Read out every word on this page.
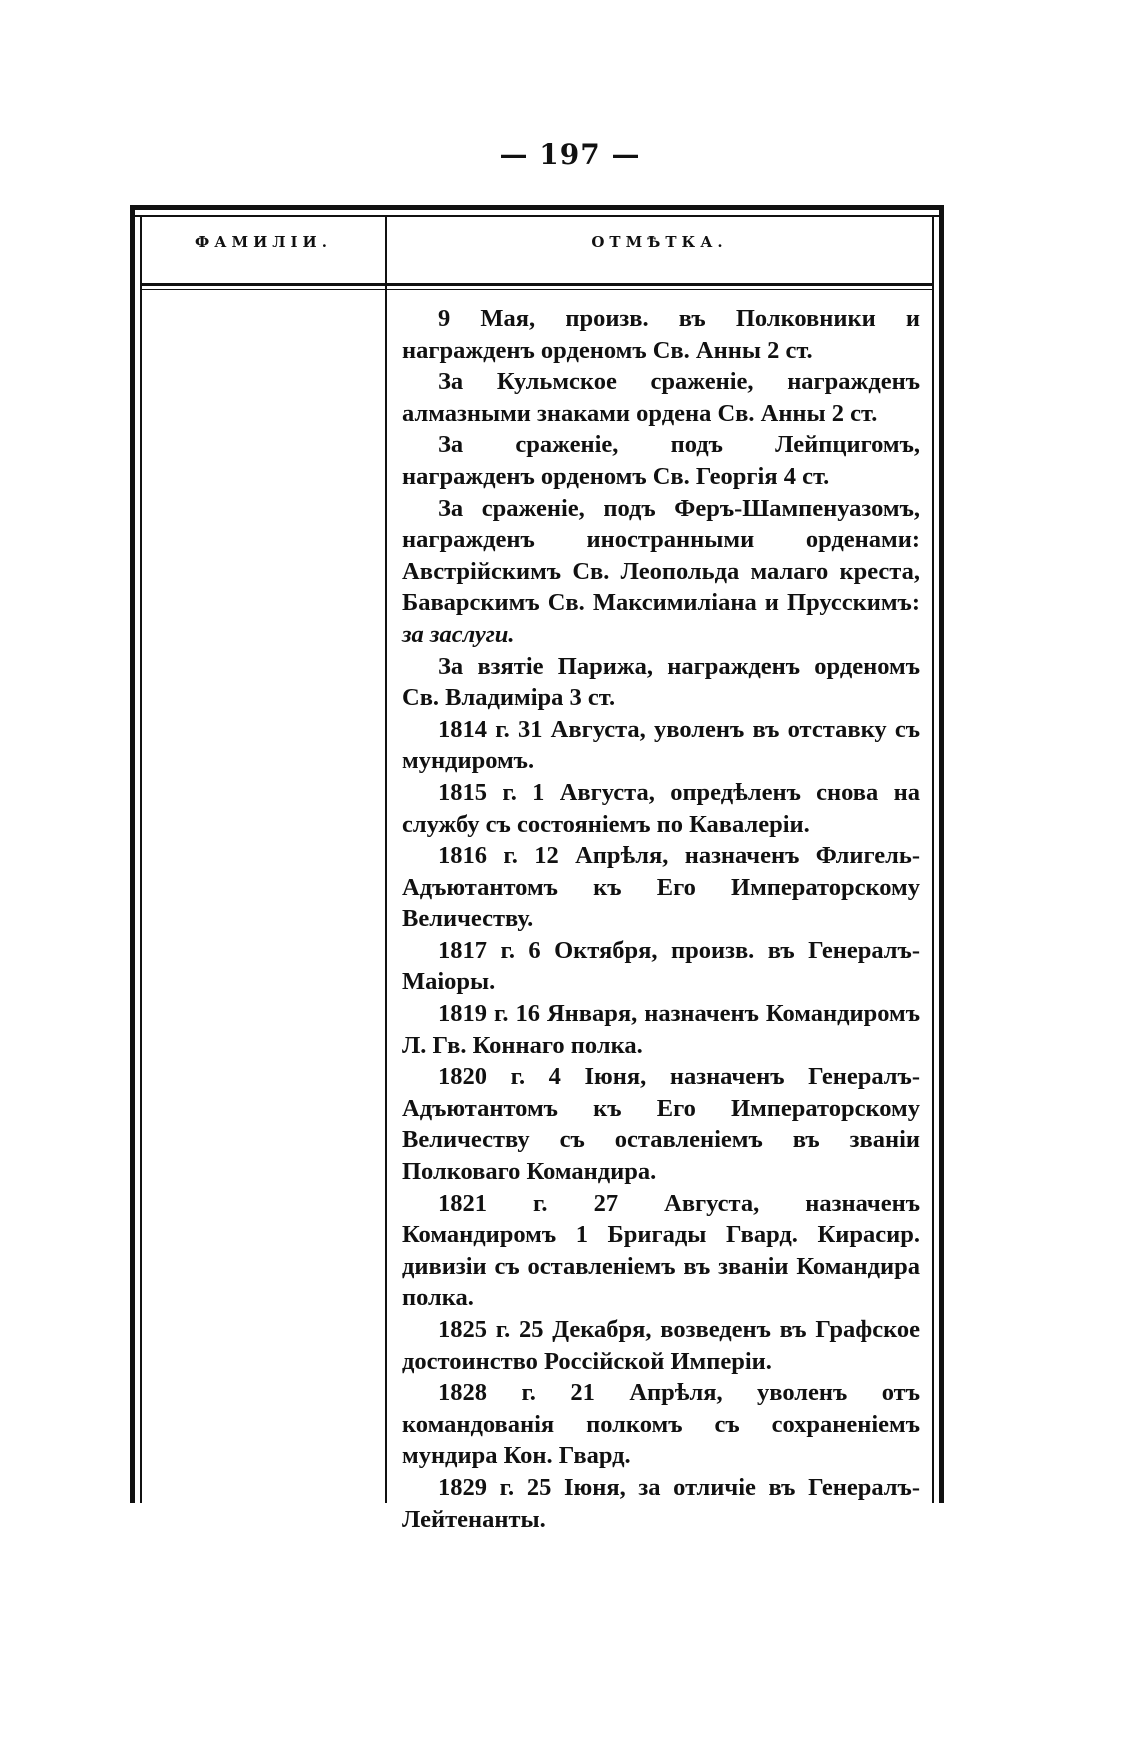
— 197 —
ФАМИЛІИ.	ОТМѢТКА.

9 Мая, произв. въ Полковники и награжденъ орденомъ Св. Анны 2 ст.

За Кульмское сраженіе, награжденъ алмазными знаками ордена Св. Анны 2 ст.

За сраженіе, подъ Лейпцигомъ, награжденъ орденомъ Св. Георгія 4 ст.

За сраженіе, подъ Феръ-Шампенуазомъ, награжденъ иностранными орденами: Австрійскимъ Св. Леопольда малаго креста, Баварскимъ Св. Максимиліана и Прусскимъ: за заслуги.

За взятіе Парижа, награжденъ орденомъ Св. Владиміра 3 ст.

1814 г. 31 Августа, уволенъ въ отставку съ мундиромъ.

1815 г. 1 Августа, опредѣленъ снова на службу съ состояніемъ по Кавалеріи.

1816 г. 12 Апрѣля, назначенъ Флигель-Адъютантомъ къ Его Императорскому Величеству.

1817 г. 6 Октября, произв. въ Генералъ-Маіоры.

1819 г. 16 Января, назначенъ Командиромъ Л. Гв. Коннаго полка.

1820 г. 4 Іюня, назначенъ Генералъ-Адъютантомъ къ Его Императорскому Величеству съ оставленіемъ въ званіи Полковаго Командира.

1821 г. 27 Августа, назначенъ Командиромъ 1 Бригады Гвард. Кирасир. дивизіи съ оставленіемъ въ званіи Командира полка.

1825 г. 25 Декабря, возведенъ въ Графское достоинство Россійской Имперіи.

1828 г. 21 Апрѣля, уволенъ отъ командованія полкомъ съ сохраненіемъ мундира Кон. Гвард.

1829 г. 25 Іюня, за отличіе въ Генералъ-Лейтенанты.
